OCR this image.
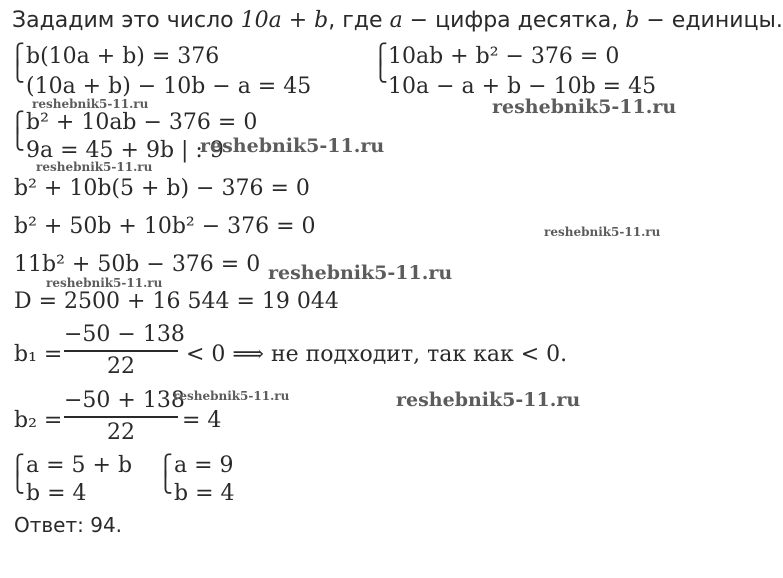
Зададим это число 10a + b, где a − цифра десятка, b − единицы.
⎧
⎩
b(10a + b) = 376
(10a + b) − 10b − a = 45
⎧
⎩
10ab + b² − 376 = 0
10a − a + b − 10b = 45
⎧
⎩
b² + 10ab − 376 = 0
9a = 45 + 9b | : 9
b² + 10b(5 + b) − 376 = 0
b² + 50b + 10b² − 376 = 0
11b² + 50b − 376 = 0
D = 2500 + 16 544 = 19 044
b₁ =
−50 − 138
22	< 0 ⟹ не подходит, так как < 0.
b₂ =
−50 + 138
22	= 4
⎧
⎩
a = 5 + b
b = 4
⎧
⎩
a = 9
b = 4
Ответ: 94.
reshebnik5-11.ru	reshebnik5-11.ru
reshebnik5-11.ru
reshebnik5-11.ru
reshebnik5-11.ru
reshebnik5-11.ru
reshebnik5-11.ru
reshebnik5-11.ru	reshebnik5-11.ru
